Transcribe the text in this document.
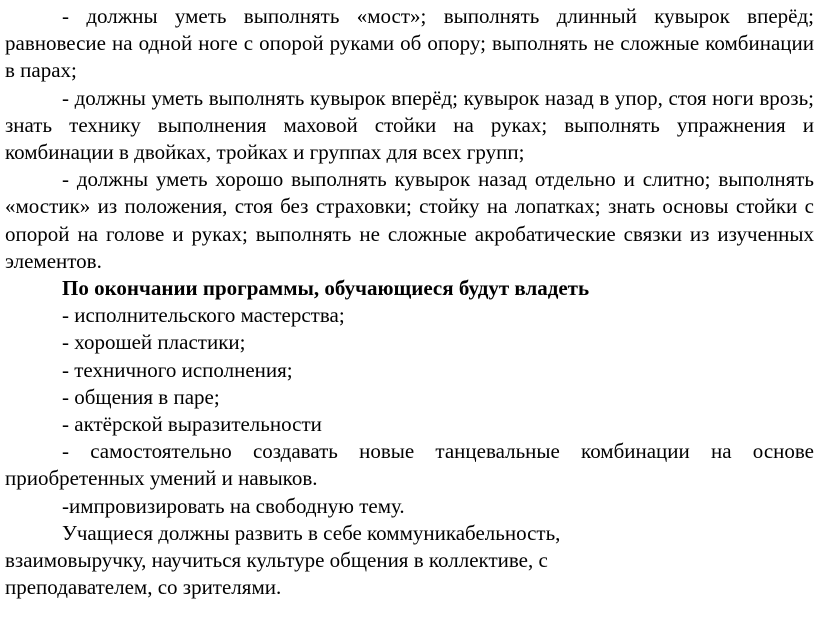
- должны уметь выполнять «мост»; выполнять длинный кувырок вперёд; равновесие на одной ноге с опорой руками об опору; выполнять не сложные комбинации в парах;

- должны уметь выполнять кувырок вперёд; кувырок назад в упор, стоя ноги врозь; знать технику выполнения маховой стойки на руках; выполнять упражнения и комбинации в двойках, тройках и группах для всех групп;

- должны уметь хорошо выполнять кувырок назад отдельно и слитно; выполнять «мостик» из положения, стоя без страховки; стойку на лопатках; знать основы стойки с опорой на голове и руках; выполнять не сложные акробатические связки из изученных элементов.

По окончании программы, обучающиеся будут владеть

- исполнительского мастерства;

- хорошей пластики;

- техничного исполнения;

- общения в паре;

- актёрской выразительности

- самостоятельно создавать новые танцевальные комбинации на основе приобретенных умений и навыков.

-импровизировать на свободную тему.

Учащиеся должны развить в себе коммуникабельность,

взаимовыручку, научиться культуре общения в коллективе, с

преподавателем, со зрителями.
